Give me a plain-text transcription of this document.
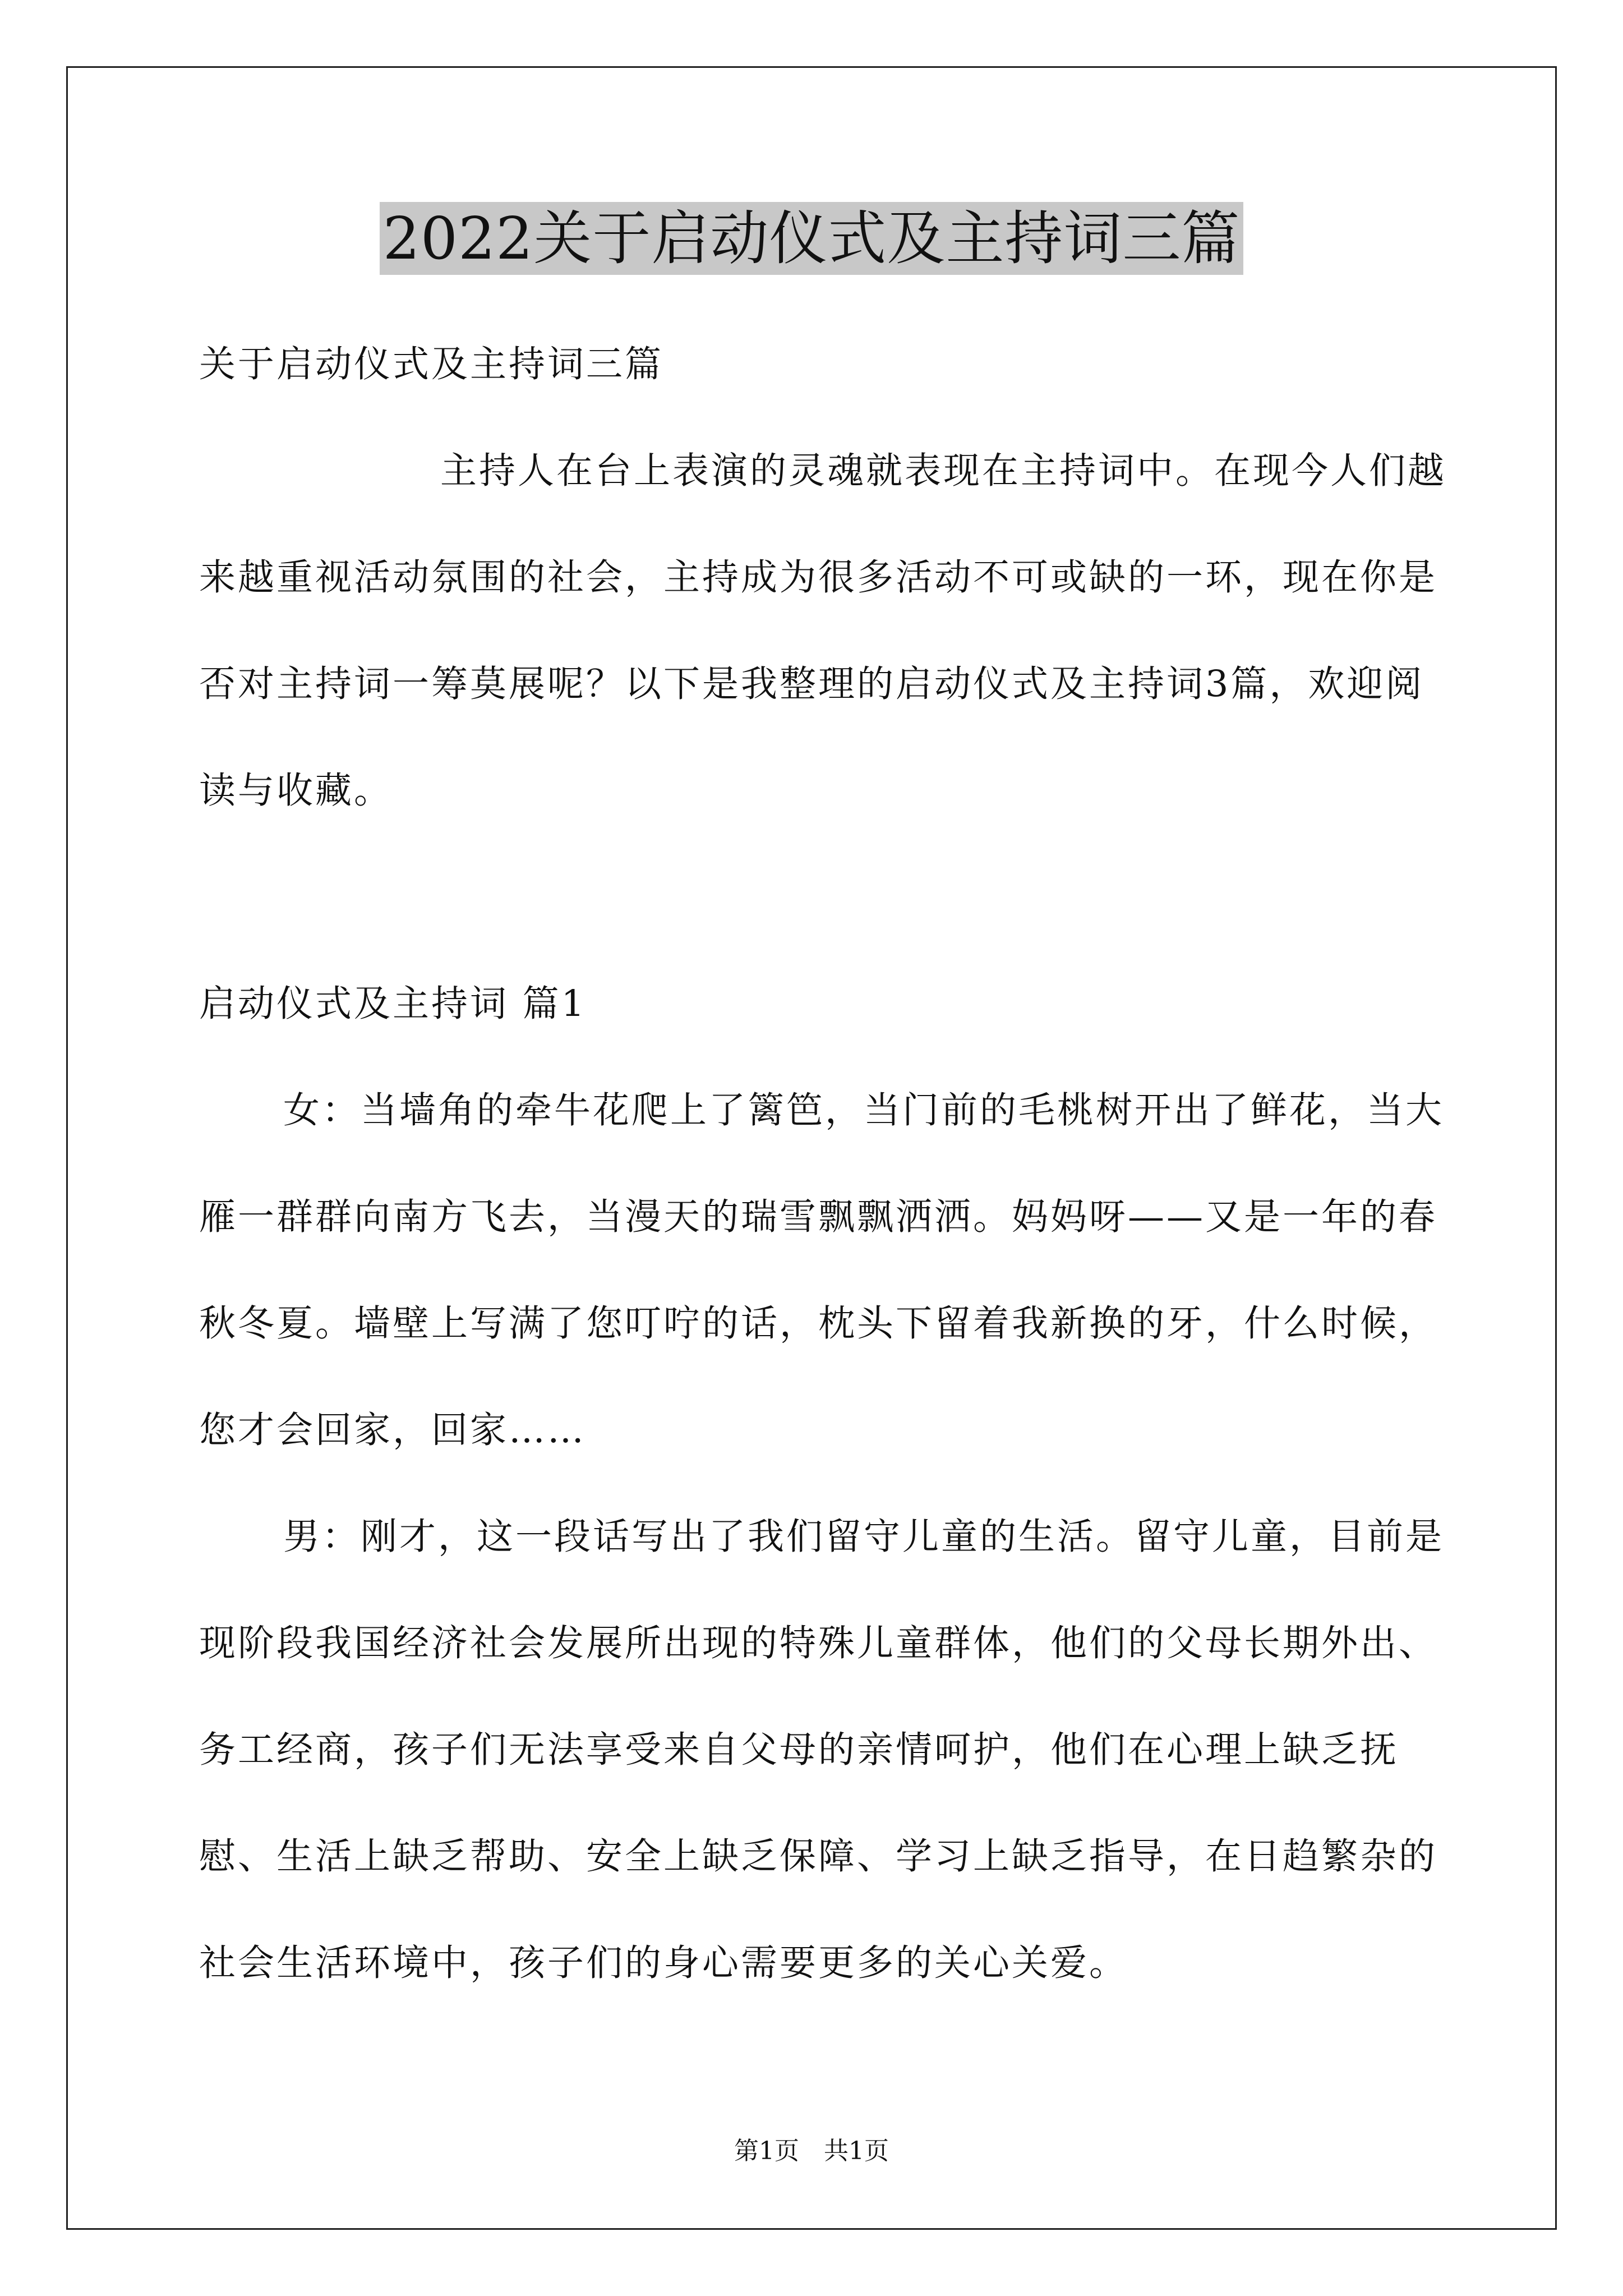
2022关于启动仪式及主持词三篇

关于启动仪式及主持词三篇

主持人在台上表演的灵魂就表现在主持词中。在现今人们越来越重视活动氛围的社会，主持成为很多活动不可或缺的一环，现在你是否对主持词一筹莫展呢？以下是我整理的启动仪式及主持词3篇，欢迎阅读与收藏。

启动仪式及主持词 篇1

女：当墙角的牵牛花爬上了篱笆，当门前的毛桃树开出了鲜花，当大雁一群群向南方飞去，当漫天的瑞雪飘飘洒洒。妈妈呀——又是一年的春秋冬夏。墙壁上写满了您叮咛的话，枕头下留着我新换的牙，什么时候，您才会回家，回家……

男：刚才，这一段话写出了我们留守儿童的生活。留守儿童，目前是现阶段我国经济社会发展所出现的特殊儿童群体，他们的父母长期外出、务工经商，孩子们无法享受来自父母的亲情呵护，他们在心理上缺乏抚慰、生活上缺乏帮助、安全上缺乏保障、学习上缺乏指导，在日趋繁杂的社会生活环境中，孩子们的身心需要更多的关心关爱。

第1页 共1页
